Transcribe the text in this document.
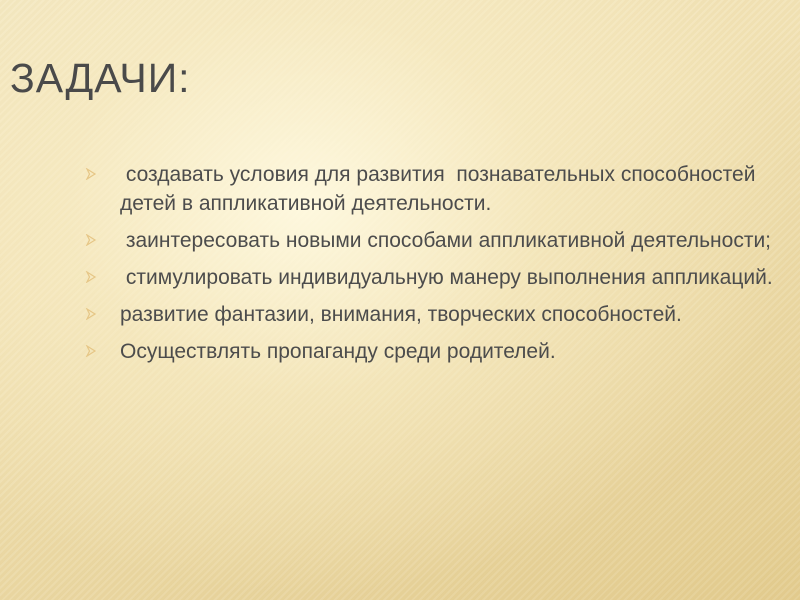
ЗАДАЧИ:
создавать условия для развития  познавательных способностей детей в аппликативной деятельности.
заинтересовать новыми способами аппликативной деятельности;
стимулировать индивидуальную манеру выполнения аппликаций.
развитие фантазии, внимания, творческих способностей.
Осуществлять пропаганду среди родителей.
